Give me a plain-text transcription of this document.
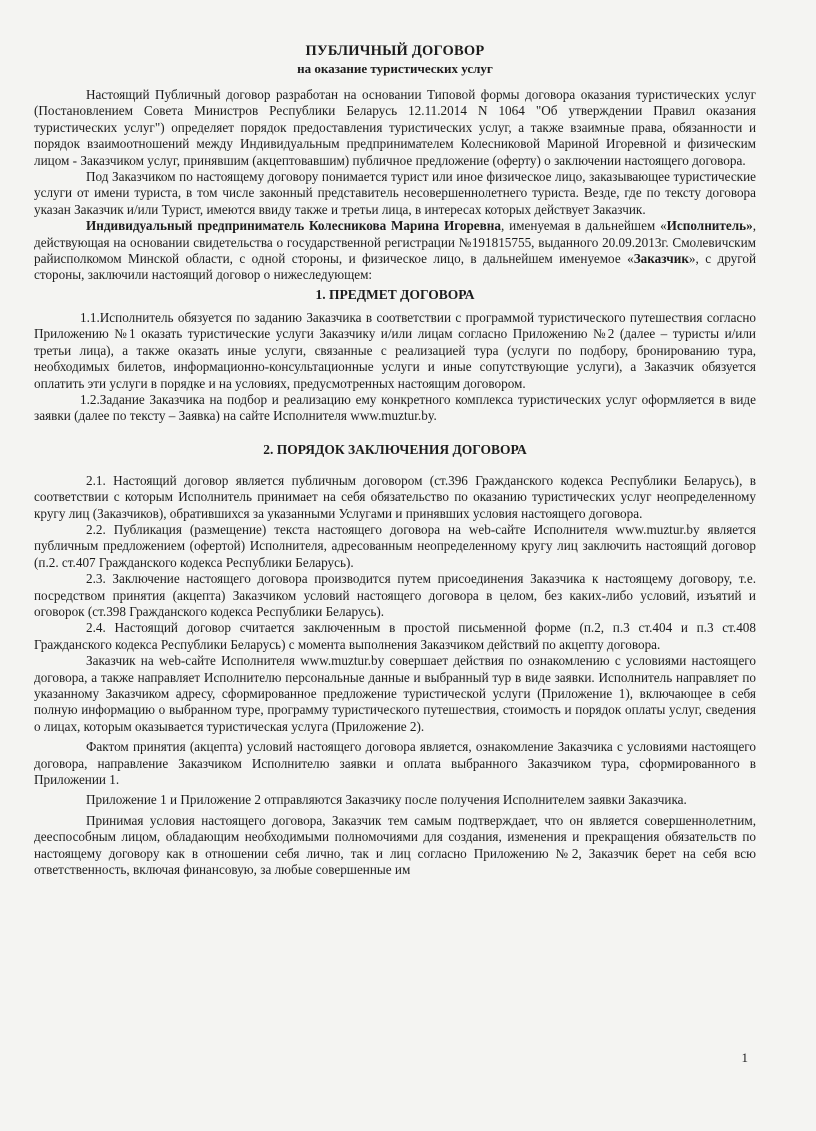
ПУБЛИЧНЫЙ ДОГОВОР
на оказание туристических услуг

Настоящий Публичный договор разработан на основании Типовой формы договора оказания туристических услуг (Постановлением Совета Министров Республики Беларусь 12.11.2014 N 1064 "Об утверждении Правил оказания туристических услуг") определяет порядок предоставления туристических услуг, а также взаимные права, обязанности и порядок взаимоотношений между Индивидуальным предпринимателем Колесниковой Мариной Игоревной и физическим лицом - Заказчиком услуг, принявшим (акцептовавшим) публичное предложение (оферту) о заключении настоящего договора.

Под Заказчиком по настоящему договору понимается турист или иное физическое лицо, заказывающее туристические услуги от имени туриста, в том числе законный представитель несовершеннолетнего туриста. Везде, где по тексту договора указан Заказчик и/или Турист, имеются ввиду также и третьи лица, в интересах которых действует Заказчик.

Индивидуальный предприниматель Колесникова Марина Игоревна, именуемая в дальнейшем «Исполнитель», действующая на основании свидетельства о государственной регистрации №191815755, выданного 20.09.2013г. Смолевичским райисполкомом Минской области, с одной стороны, и физическое лицо, в дальнейшем именуемое «Заказчик», с другой стороны, заключили настоящий договор о нижеследующем:

1. ПРЕДМЕТ ДОГОВОРА

1.1.Исполнитель обязуется по заданию Заказчика в соответствии с программой туристического путешествия согласно Приложению №1 оказать туристические услуги Заказчику и/или лицам согласно Приложению №2 (далее – туристы и/или третьи лица), а также оказать иные услуги, связанные с реализацией тура (услуги по подбору, бронированию тура, необходимых билетов, информационно-консультационные услуги и иные сопутствующие услуги), а Заказчик обязуется оплатить эти услуги в порядке и на условиях, предусмотренных настоящим договором.

1.2.Задание Заказчика на подбор и реализацию ему конкретного комплекса туристических услуг оформляется в виде заявки (далее по тексту – Заявка) на сайте Исполнителя www.muztur.by.

2. ПОРЯДОК ЗАКЛЮЧЕНИЯ ДОГОВОРА

2.1. Настоящий договор является публичным договором (ст.396 Гражданского кодекса Республики Беларусь), в соответствии с которым Исполнитель принимает на себя обязательство по оказанию туристических услуг неопределенному кругу лиц (Заказчиков), обратившихся за указанными Услугами и принявших условия настоящего договора.

2.2. Публикация (размещение) текста настоящего договора на web-сайте Исполнителя www.muztur.by является публичным предложением (офертой) Исполнителя, адресованным неопределенному кругу лиц заключить настоящий договор (п.2. ст.407 Гражданского кодекса Республики Беларусь).

2.3. Заключение настоящего договора производится путем присоединения Заказчика к настоящему договору, т.е. посредством принятия (акцепта) Заказчиком условий настоящего договора в целом, без каких-либо условий, изъятий и оговорок (ст.398 Гражданского кодекса Республики Беларусь).

2.4. Настоящий договор считается заключенным в простой письменной форме (п.2, п.3 ст.404 и п.3 ст.408 Гражданского кодекса Республики Беларусь) с момента выполнения Заказчиком действий по акцепту договора.

Заказчик на web-сайте Исполнителя www.muztur.by совершает действия по ознакомлению с условиями настоящего договора, а также направляет Исполнителю персональные данные и выбранный тур в виде заявки. Исполнитель направляет по указанному Заказчиком адресу, сформированное предложение туристической услуги (Приложение 1), включающее в себя полную информацию о выбранном туре, программу туристического путешествия, стоимость и порядок оплаты услуг, сведения о лицах, которым оказывается туристическая услуга (Приложение 2).

Фактом принятия (акцепта) условий настоящего договора является, ознакомление Заказчика с условиями настоящего договора, направление Заказчиком Исполнителю заявки и оплата выбранного Заказчиком тура, сформированного в Приложении 1.

Приложение 1 и Приложение 2 отправляются Заказчику после получения Исполнителем заявки Заказчика.

Принимая условия настоящего договора, Заказчик тем самым подтверждает, что он является совершеннолетним, дееспособным лицом, обладающим необходимыми полномочиями для создания, изменения и прекращения обязательств по настоящему договору как в отношении себя лично, так и лиц согласно Приложению №2, Заказчик берет на себя всю ответственность, включая финансовую, за любые совершенные им

1
